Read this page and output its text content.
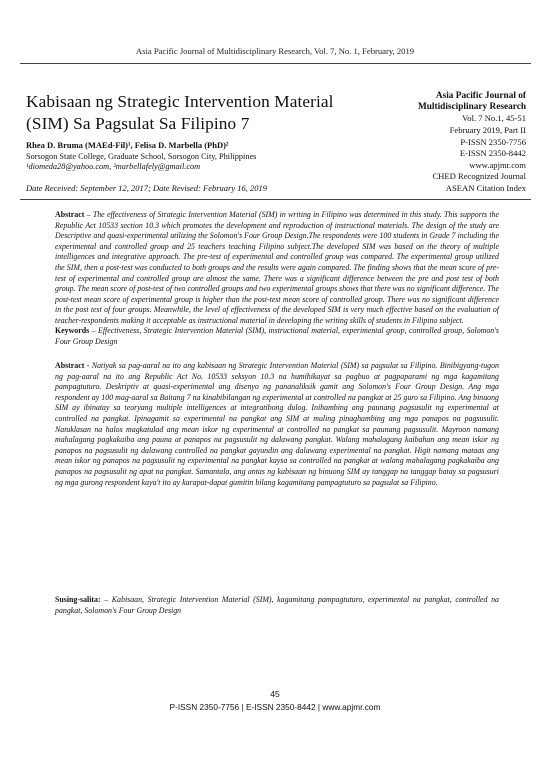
Asia Pacific Journal of Multidisciplinary Research, Vol. 7, No. 1, February, 2019
Kabisaan ng Strategic Intervention Material (SIM) Sa Pagsulat Sa Filipino 7
Rhea D. Bruma (MAEd-Fil)¹, Felisa D. Marbella (PhD)²
Sorsogon State College, Graduate School, Sorsogon City, Philippines
¹diomeda28@yahoo.com, ²marbellafely@gmail.com
Date Received: September 12, 2017; Date Revised: February 16, 2019
Asia Pacific Journal of Multidisciplinary Research
Vol. 7 No.1, 45-51
February 2019, Part II
P-ISSN 2350-7756
E-ISSN 2350-8442
www.apjmr.com
CHED Recognized Journal
ASEAN Citation Index
Abstract – The effectiveness of Strategic Intervention Material (SIM) in writing in Filipino was determined in this study. This supports the Republic Act 10533 section 10.3 which promotes the development and reproduction of instructional materials. The design of the study are Descriptive and quasi-experimental utilizing the Solomon's Four Group Design.The respondents were 100 students in Grade 7 including the experimental and controlled group and 25 teachers teaching Filipino subject.The developed SIM was based on the theory of multiple intelligences and integrative approach. The pre-test of experimental and controlled group was compared. The experimental group utilized the SIM, then a post-test was conducted to both groups and the results were again compared. The finding shows that the mean score of pre-test of experimental and controlled group are almost the same. There was a significant difference between the pre and post test of both group. The mean score of post-test of two controlled groups and two experimental groups shows that there was no significant difference. The post-test mean score of experimental group is higher than the post-test mean score of controlled group. There was no significant difference in the post test of four groups. Meanwhile, the level of effectiveness of the developed SIM is very much effective based on the evaluation of teacher-respondents making it acceptable as instructional material in developing the writing skills of students in Filipino subject.
Keywords – Effectiveness, Strategic Intervention Material (SIM), instructional material, experimental group, controlled group, Solomon's Four Group Design
Abstract - Natiyak sa pag-aaral na ito ang kabisaan ng Strategic Intervention Material (SIM) sa pagsulat sa Filipino. Binibigyang-tugon ng pag-aaral na ito ang Republic Act No. 10533 seksyon 10.3 na humihikayat sa pagbuo at pagpaparami ng mga kagamitang pampagtuturo. Deskriptiv at quasi-experimental ang disenyo ng pananaliksik gamit ang Solomon's Four Group Design. Ang mga respondent ay 100 mag-aaral sa Baitang 7 na kinabibilangan ng experimental at controlled na pangkat at 25 guro sa Filipino. Ang binuong SIM ay ibinatay sa teoryang multiple intelligences at integratibong dulog. Inihambing ang paunang pagsusulit ng experimental at controlled na pangkat. Ipinagamit sa experimental na pangkat ang SIM at muling pinaghambing ang mga panapos na pagsusulit. Natuklasan na halos magkatulad ang mean iskor ng experimental at controlled na pangkat sa paunang pagsusulit. Mayroon namang mahalagang pagkakaiba ang pauna at panapos na pagsusulit ng dalawang pangkat. Walang mahalagang kaibahan ang mean iskor ng panapos na pagsusulit ng dalawang controlled na pangkat gayundin ang dalawang experimental na pangkat. Higit namang mataas ang mean iskor ng panapos na pagsusulit ng experimental na pangkat kaysa sa controlled na pangkat at walang mahalagang pagkakaiba ang panapos na pagsusulit ng apat na pangkat. Samantala, ang antas ng kabisaan ng binuong SIM ay tanggap na tanggap batay sa pagsusuri ng mga gurong respondent kaya't ito ay karapat-dapat gamitin bilang kagamitang pampagtuturo sa pagsulat sa Filipino.
Susing-salita: – Kabisaan, Strategic Intervention Material (SIM), kagamitang pampagtuturo, experimental na pangkat, controlled na pangkat, Solomon's Four Group Design
45
P-ISSN 2350-7756 | E-ISSN 2350-8442 | www.apjmr.com
